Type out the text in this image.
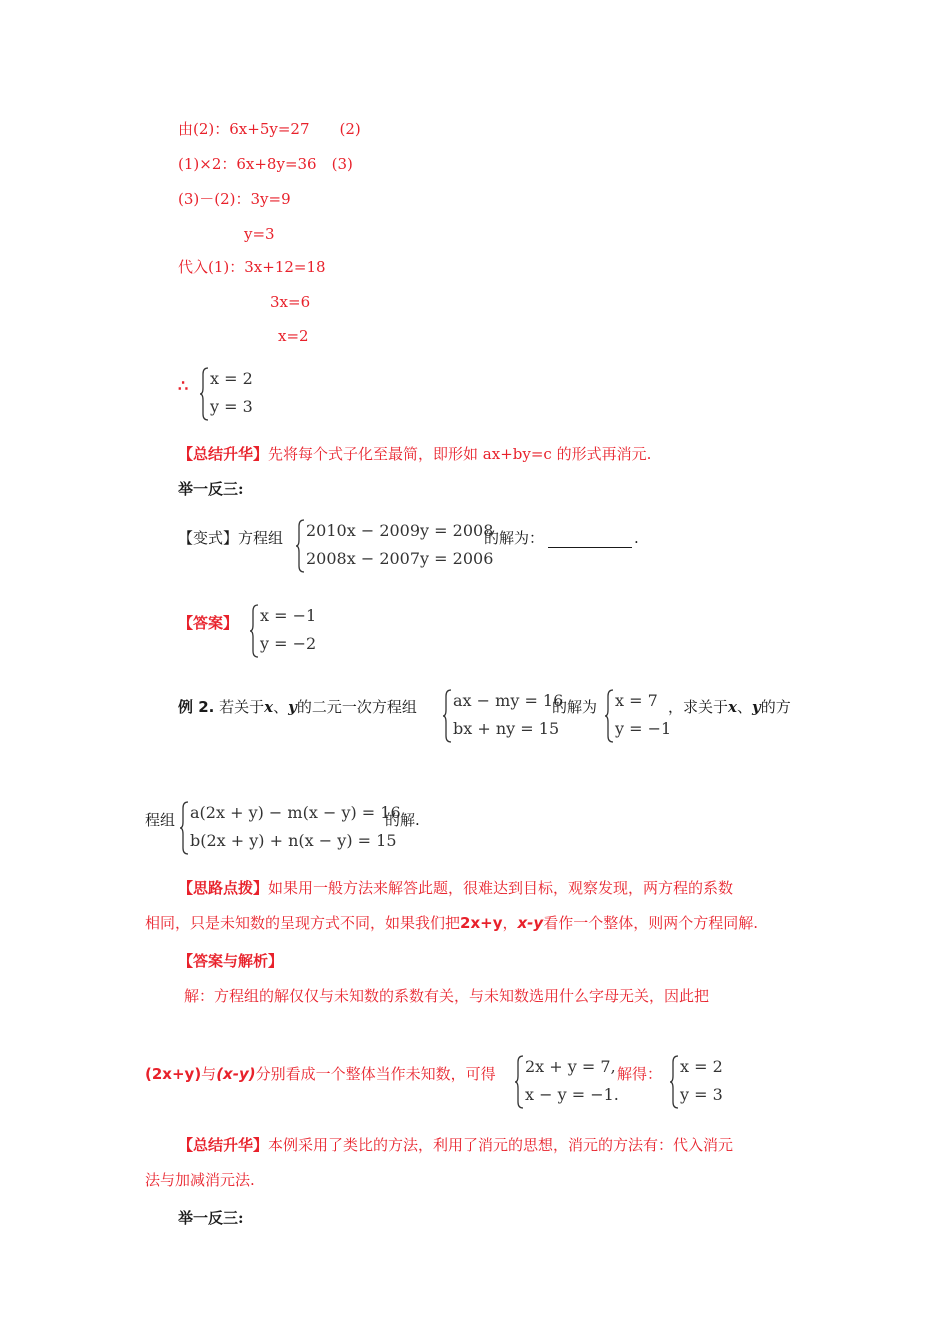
由(2)：6x+5y=27　　(2)
(1)×2：6x+8y=36　(3)
(3)－(2)：3y=9
y=3
代入(1)：3x+12=18
3x=6
x=2
∴ x = 2
y = 3
【总结升华】先将每个式子化至最简，即形如 ax+by=c 的形式再消元.
举一反三:
【变式】方程组 2010x − 2009y = 2008
2008x − 2007y = 2006
的解为：	.
【答案】 x = −1
y = −2
例 2. 若关于x、y的二元一次方程组 ax − my = 16
bx + ny = 15
的解为 x = 7
y = −1
，求关于x、y的方
程组 a(2x + y) − m(x − y) = 16
b(2x + y) + n(x − y) = 15
的解.
【思路点拨】如果用一般方法来解答此题，很难达到目标，观察发现，两方程的系数
相同，只是未知数的呈现方式不同，如果我们把2x+y，x-y看作一个整体，则两个方程同解.
【答案与解析】
解：方程组的解仅仅与未知数的系数有关，与未知数选用什么字母无关，因此把
(2x+y)与(x-y)分别看成一个整体当作未知数，可得 2x + y = 7,
x − y = −1.
解得： x = 2
y = 3
【总结升华】本例采用了类比的方法，利用了消元的思想，消元的方法有：代入消元
法与加减消元法.
举一反三:
